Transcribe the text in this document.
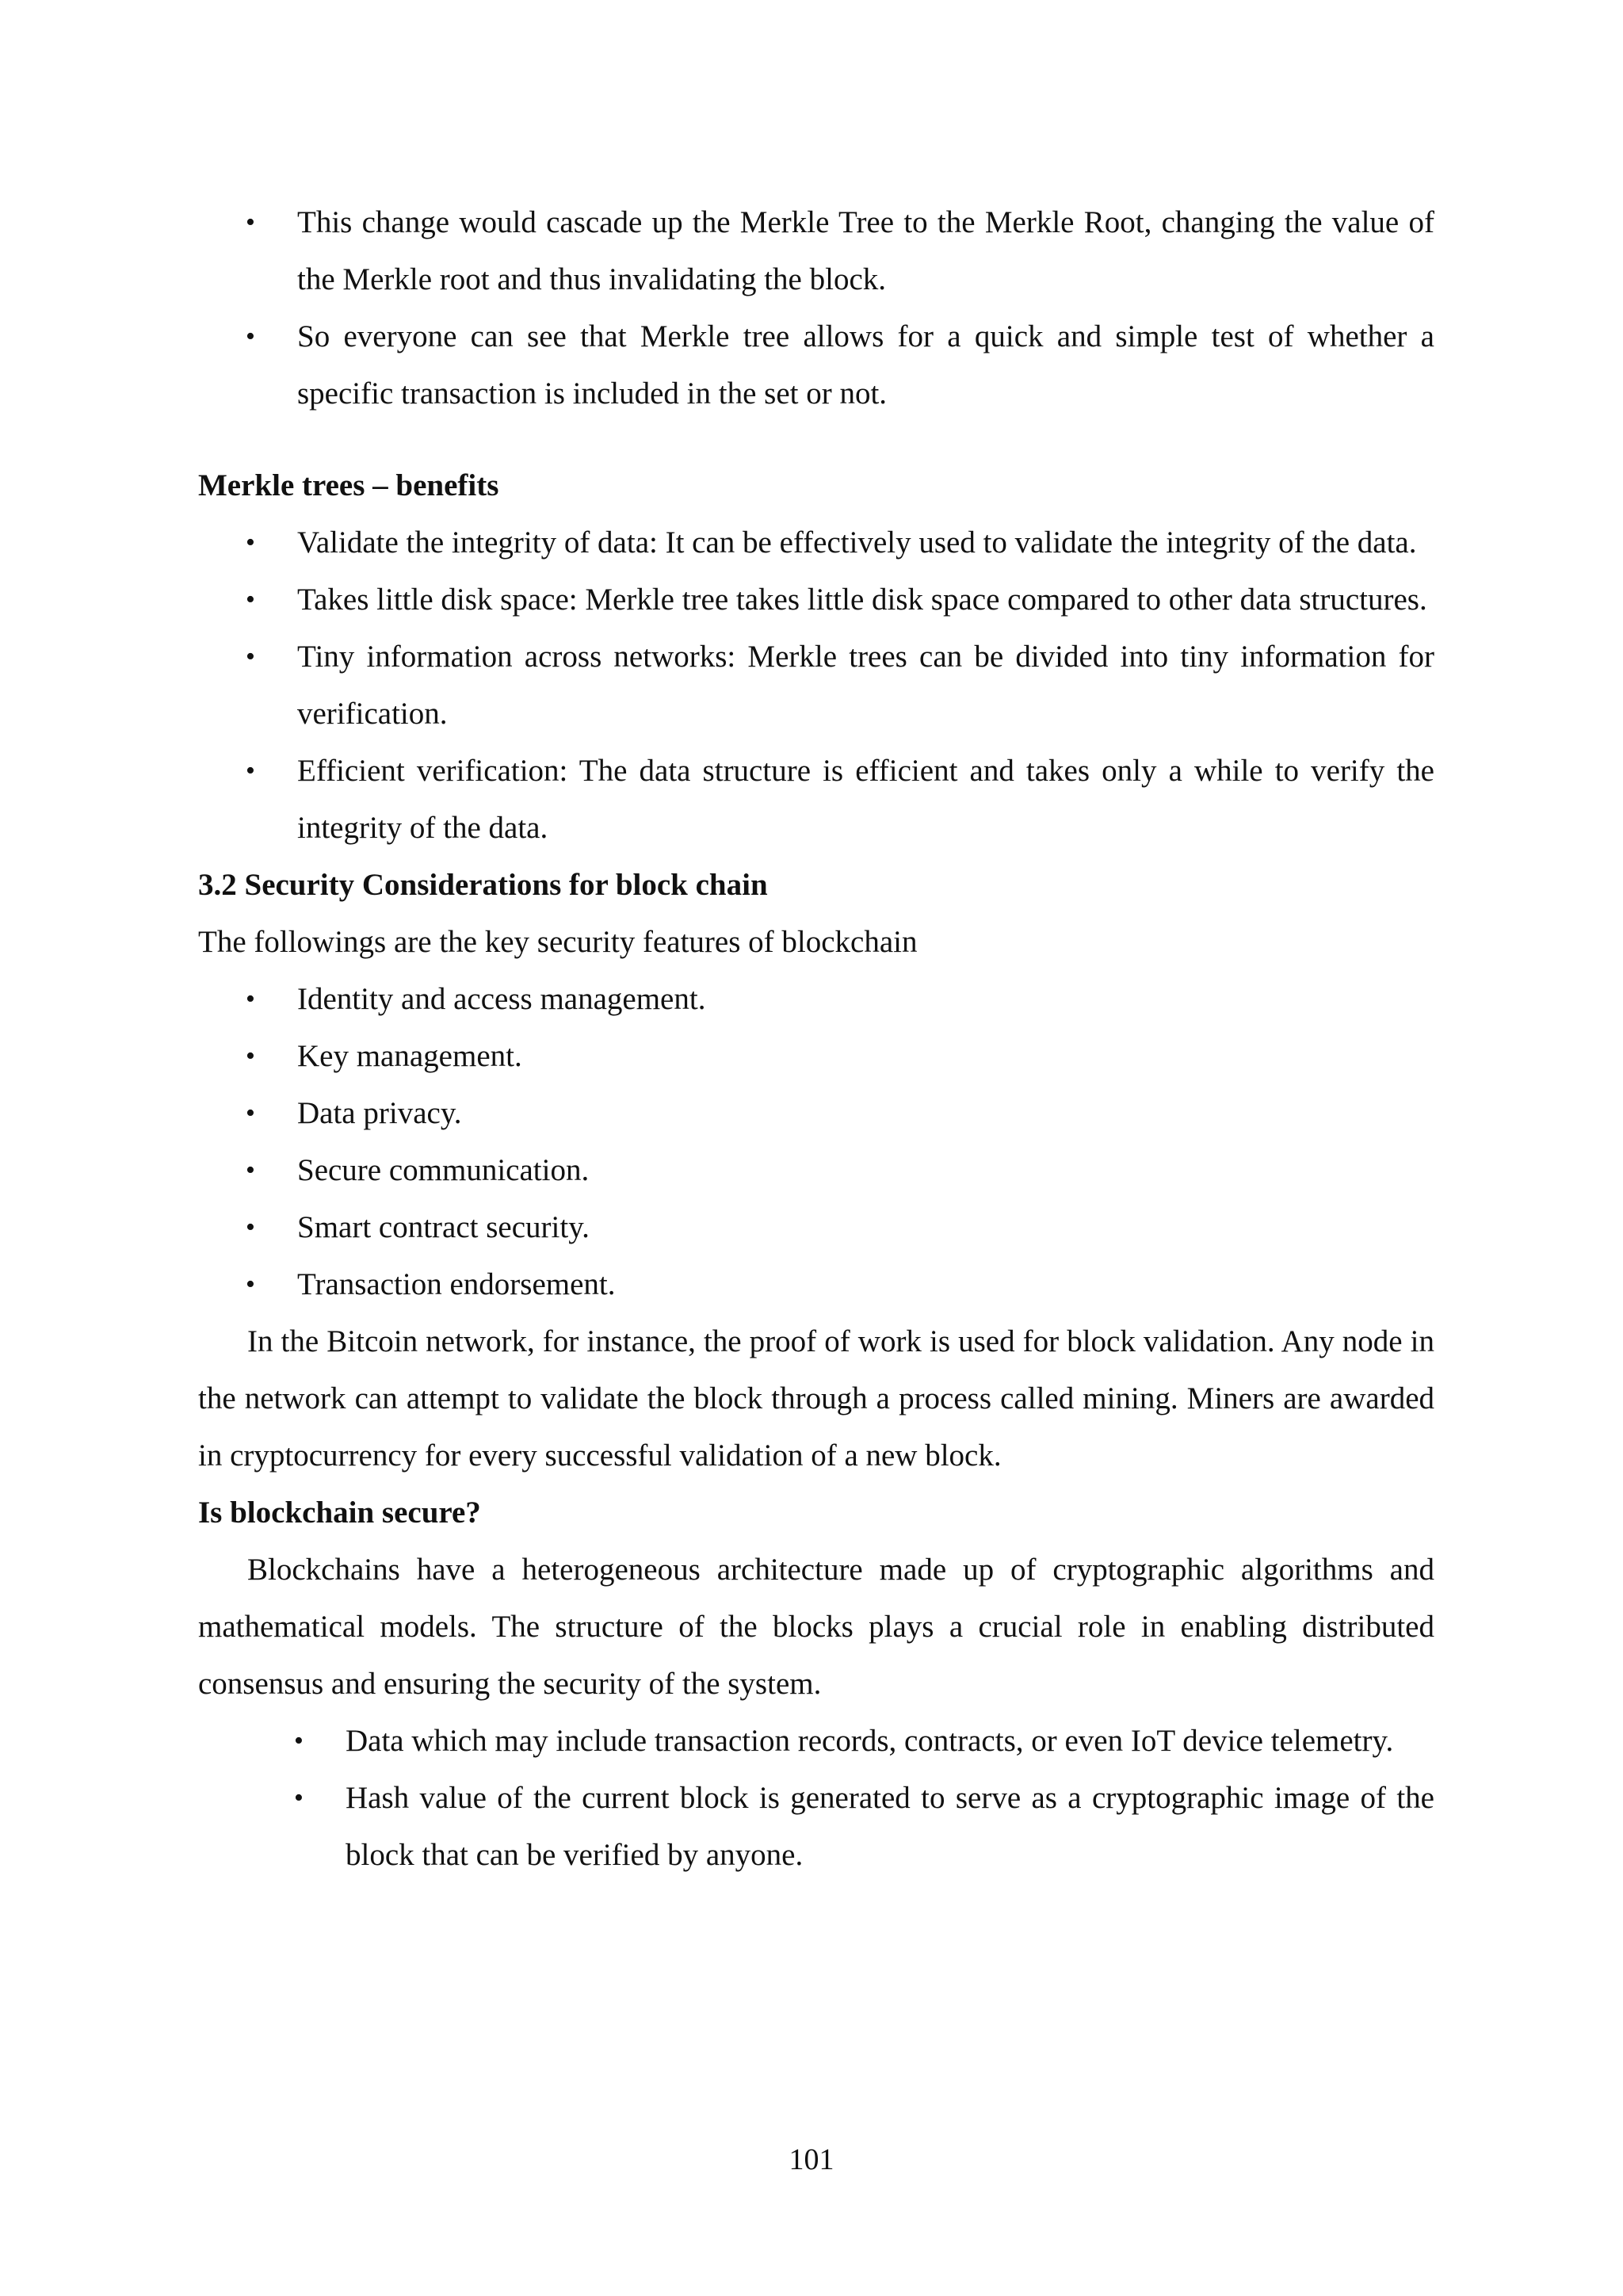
• This change would cascade up the Merkle Tree to the Merkle Root, changing the value of the Merkle root and thus invalidating the block.
• So everyone can see that Merkle tree allows for a quick and simple test of whether a specific transaction is included in the set or not.

Merkle trees – benefits

• Validate the integrity of data: It can be effectively used to validate the integrity of the data.
• Takes little disk space: Merkle tree takes little disk space compared to other data structures.
• Tiny information across networks: Merkle trees can be divided into tiny information for verification.
• Efficient verification: The data structure is efficient and takes only a while to verify the integrity of the data.

3.2 Security Considerations for block chain

The followings are the key security features of blockchain

• Identity and access management.
• Key management.
• Data privacy.
• Secure communication.
• Smart contract security.
• Transaction endorsement.

In the Bitcoin network, for instance, the proof of work is used for block validation. Any node in the network can attempt to validate the block through a process called mining. Miners are awarded in cryptocurrency for every successful validation of a new block.

Is blockchain secure?

Blockchains have a heterogeneous architecture made up of cryptographic algorithms and mathematical models. The structure of the blocks plays a crucial role in enabling distributed consensus and ensuring the security of the system.

• Data which may include transaction records, contracts, or even IoT device telemetry.
• Hash value of the current block is generated to serve as a cryptographic image of the block that can be verified by anyone.
101
